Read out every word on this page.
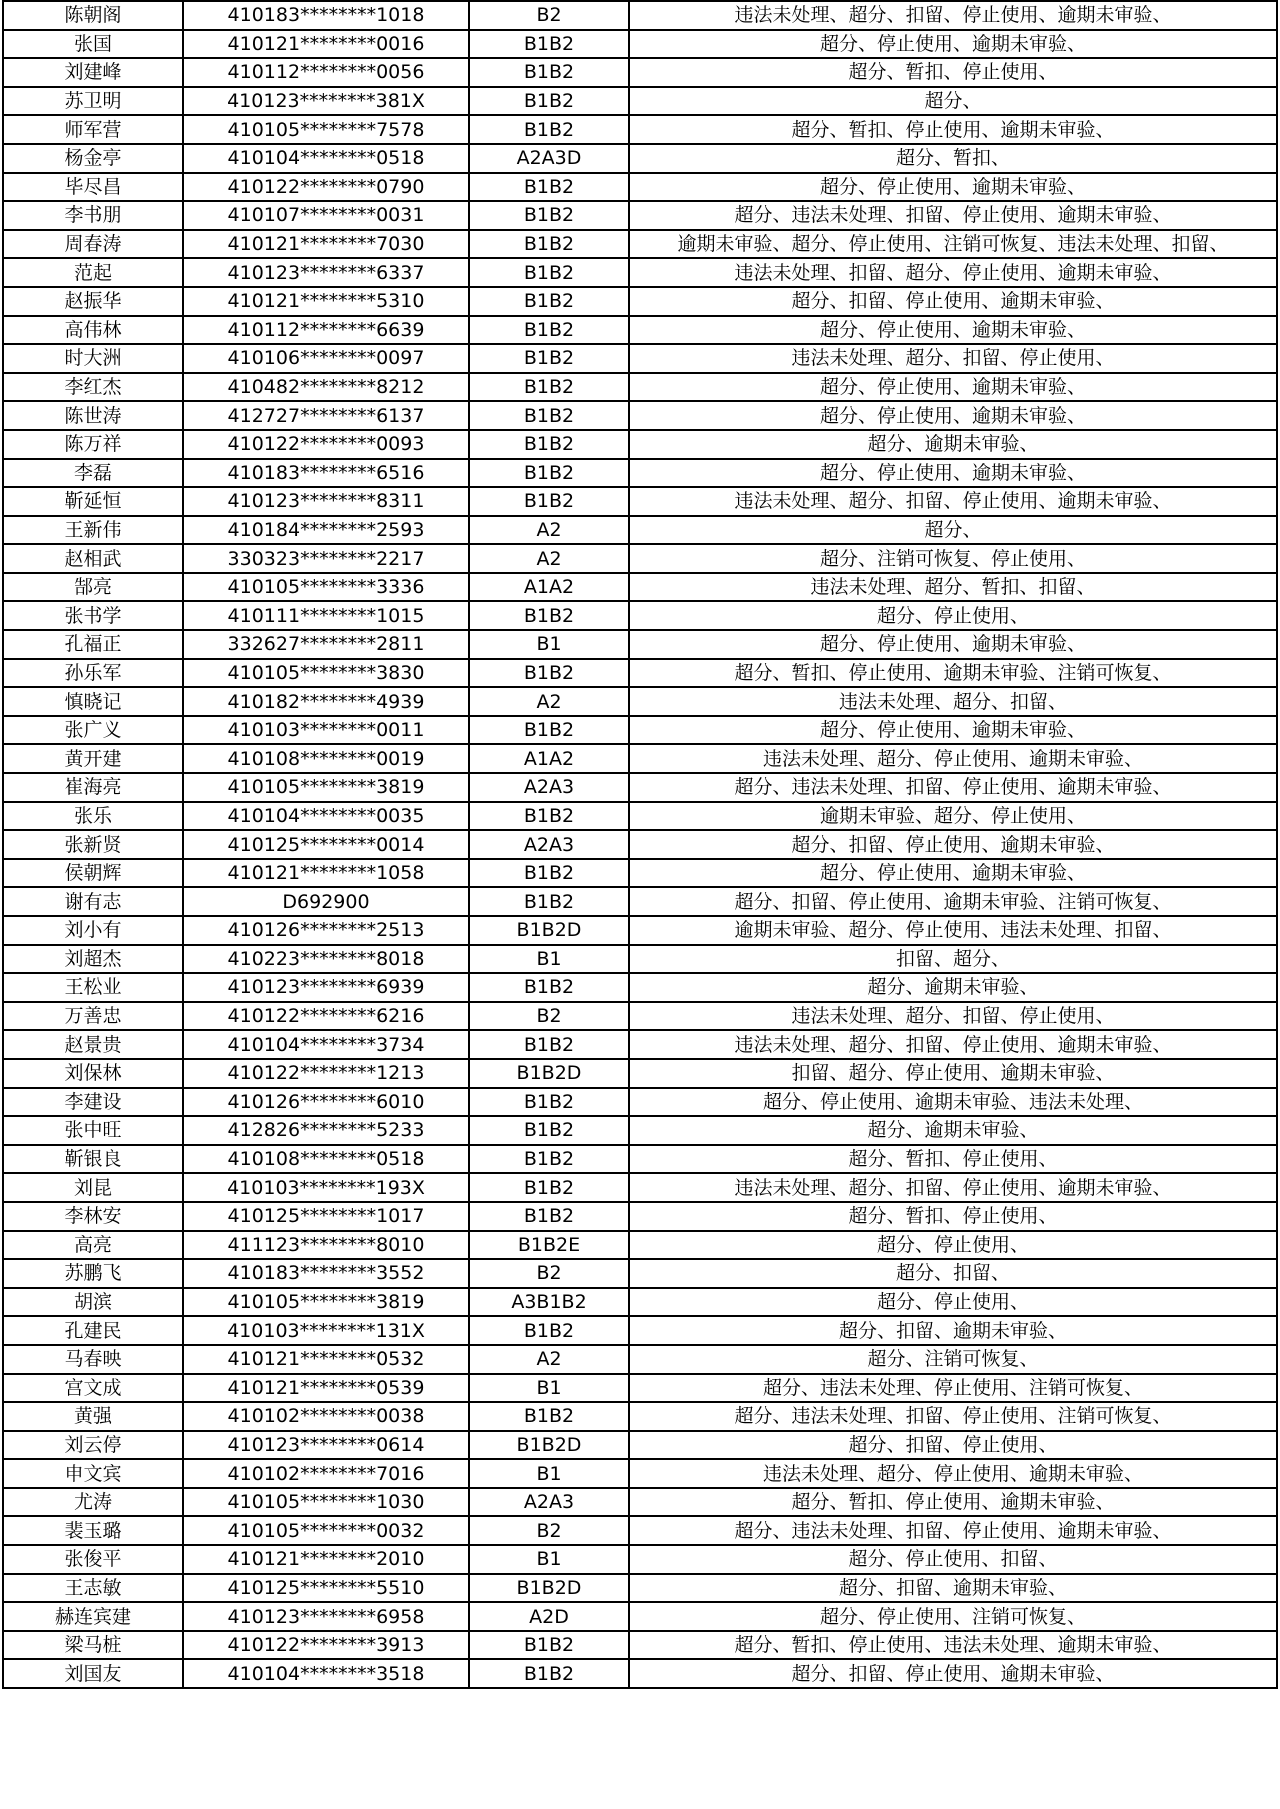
陈朝阁	410183********1018	B2	违法未处理、超分、扣留、停止使用、逾期未审验、
张国	410121********0016	B1B2	超分、停止使用、逾期未审验、
刘建峰	410112********0056	B1B2	超分、暂扣、停止使用、
苏卫明	410123********381X	B1B2	超分、
师军营	410105********7578	B1B2	超分、暂扣、停止使用、逾期未审验、
杨金亭	410104********0518	A2A3D	超分、暂扣、
毕尽昌	410122********0790	B1B2	超分、停止使用、逾期未审验、
李书朋	410107********0031	B1B2	超分、违法未处理、扣留、停止使用、逾期未审验、
周春涛	410121********7030	B1B2	逾期未审验、超分、停止使用、注销可恢复、违法未处理、扣留、
范起	410123********6337	B1B2	违法未处理、扣留、超分、停止使用、逾期未审验、
赵振华	410121********5310	B1B2	超分、扣留、停止使用、逾期未审验、
高伟林	410112********6639	B1B2	超分、停止使用、逾期未审验、
时大洲	410106********0097	B1B2	违法未处理、超分、扣留、停止使用、
李红杰	410482********8212	B1B2	超分、停止使用、逾期未审验、
陈世涛	412727********6137	B1B2	超分、停止使用、逾期未审验、
陈万祥	410122********0093	B1B2	超分、逾期未审验、
李磊	410183********6516	B1B2	超分、停止使用、逾期未审验、
靳延恒	410123********8311	B1B2	违法未处理、超分、扣留、停止使用、逾期未审验、
王新伟	410184********2593	A2	超分、
赵相武	330323********2217	A2	超分、注销可恢复、停止使用、
郜亮	410105********3336	A1A2	违法未处理、超分、暂扣、扣留、
张书学	410111********1015	B1B2	超分、停止使用、
孔福正	332627********2811	B1	超分、停止使用、逾期未审验、
孙乐军	410105********3830	B1B2	超分、暂扣、停止使用、逾期未审验、注销可恢复、
慎晓记	410182********4939	A2	违法未处理、超分、扣留、
张广义	410103********0011	B1B2	超分、停止使用、逾期未审验、
黄开建	410108********0019	A1A2	违法未处理、超分、停止使用、逾期未审验、
崔海亮	410105********3819	A2A3	超分、违法未处理、扣留、停止使用、逾期未审验、
张乐	410104********0035	B1B2	逾期未审验、超分、停止使用、
张新贤	410125********0014	A2A3	超分、扣留、停止使用、逾期未审验、
侯朝辉	410121********1058	B1B2	超分、停止使用、逾期未审验、
谢有志	D692900	B1B2	超分、扣留、停止使用、逾期未审验、注销可恢复、
刘小有	410126********2513	B1B2D	逾期未审验、超分、停止使用、违法未处理、扣留、
刘超杰	410223********8018	B1	扣留、超分、
王松业	410123********6939	B1B2	超分、逾期未审验、
万善忠	410122********6216	B2	违法未处理、超分、扣留、停止使用、
赵景贵	410104********3734	B1B2	违法未处理、超分、扣留、停止使用、逾期未审验、
刘保林	410122********1213	B1B2D	扣留、超分、停止使用、逾期未审验、
李建设	410126********6010	B1B2	超分、停止使用、逾期未审验、违法未处理、
张中旺	412826********5233	B1B2	超分、逾期未审验、
靳银良	410108********0518	B1B2	超分、暂扣、停止使用、
刘昆	410103********193X	B1B2	违法未处理、超分、扣留、停止使用、逾期未审验、
李林安	410125********1017	B1B2	超分、暂扣、停止使用、
高亮	411123********8010	B1B2E	超分、停止使用、
苏鹏飞	410183********3552	B2	超分、扣留、
胡滨	410105********3819	A3B1B2	超分、停止使用、
孔建民	410103********131X	B1B2	超分、扣留、逾期未审验、
马春映	410121********0532	A2	超分、注销可恢复、
宫文成	410121********0539	B1	超分、违法未处理、停止使用、注销可恢复、
黄强	410102********0038	B1B2	超分、违法未处理、扣留、停止使用、注销可恢复、
刘云停	410123********0614	B1B2D	超分、扣留、停止使用、
申文宾	410102********7016	B1	违法未处理、超分、停止使用、逾期未审验、
尤涛	410105********1030	A2A3	超分、暂扣、停止使用、逾期未审验、
裴玉璐	410105********0032	B2	超分、违法未处理、扣留、停止使用、逾期未审验、
张俊平	410121********2010	B1	超分、停止使用、扣留、
王志敏	410125********5510	B1B2D	超分、扣留、逾期未审验、
赫连宾建	410123********6958	A2D	超分、停止使用、注销可恢复、
梁马桩	410122********3913	B1B2	超分、暂扣、停止使用、违法未处理、逾期未审验、
刘国友	410104********3518	B1B2	超分、扣留、停止使用、逾期未审验、
